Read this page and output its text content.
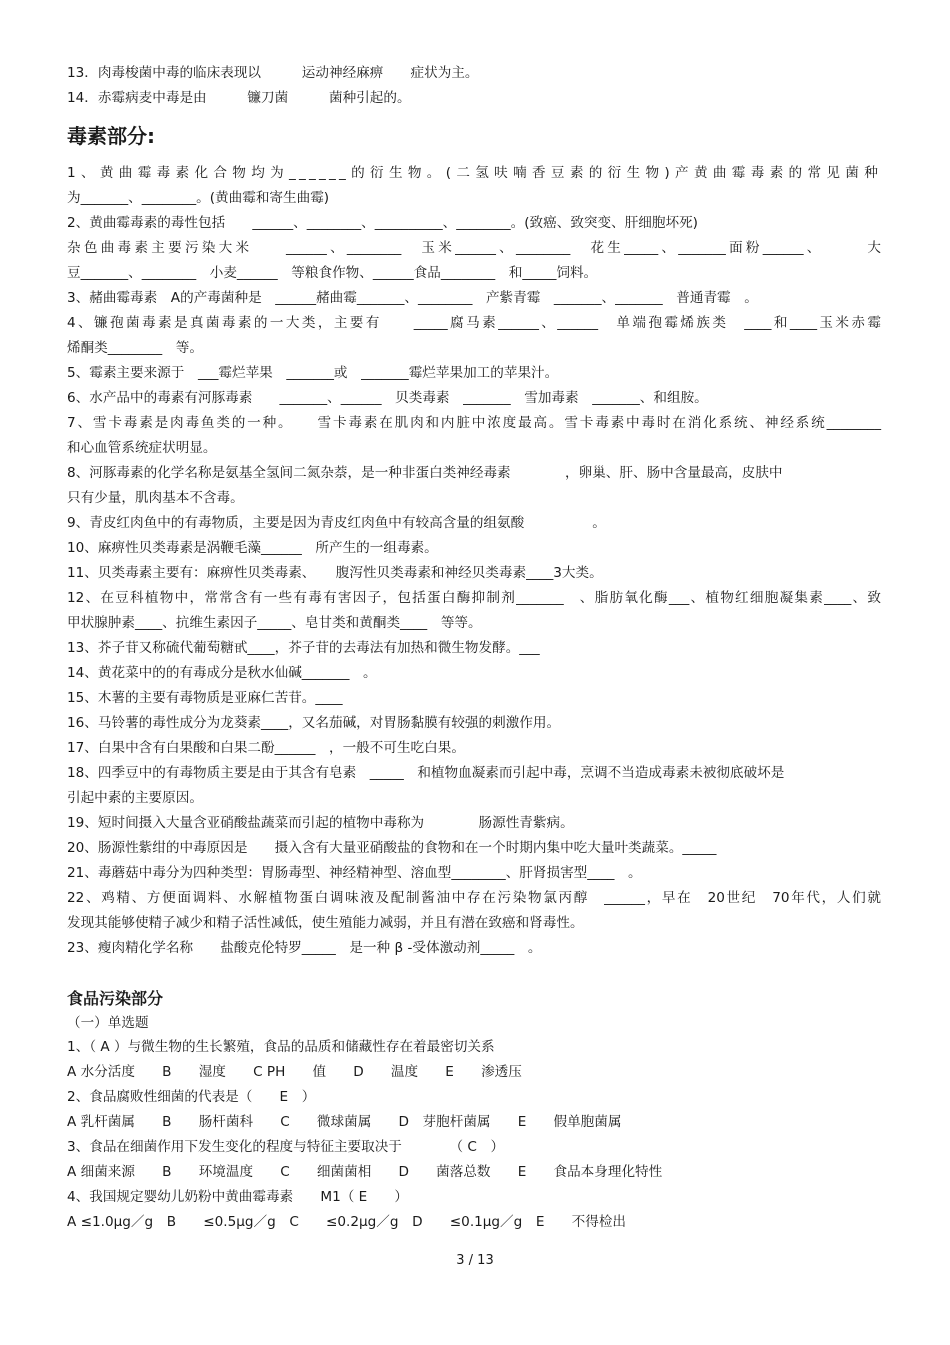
13．肉毒梭菌中毒的临床表现以　　　运动神经麻痹　　症状为主。

14．赤霉病麦中毒是由　　　镰刀菌　　　菌种引起的。

毒素部分:

1、黄曲霉毒素化合物均为______的衍生物。(二氢呋喃香豆素的衍生物)产黄曲霉毒素的常见菌种

为_______、________。(黄曲霉和寄生曲霉)

2、黄曲霉毒素的毒性包括　　______、________、__________、________。(致癌、致突变、肝细胞坏死)

杂色曲毒素主要污染大米　　______、________　玉米______、________　花生_____、_______面粉______、　　　大

豆_______、________　小麦______　等粮食作物、______食品________　和_____饲料。

3、赭曲霉毒素　A的产毒菌种是　______赭曲霉_______、________　产紫青霉　_______、_______　普通青霉　。

4、镰孢菌毒素是真菌毒素的一大类，主要有　　_____腐马素______、______　单端孢霉烯族类　____和____玉米赤霉

烯酮类________　等。

5、霉素主要来源于　___霉烂苹果　_______或　_______霉烂苹果加工的苹果汁。

6、水产品中的毒素有河豚毒素　　_______、______　贝类毒素　_______　雪加毒素　_______、和组胺。

7、雪卡毒素是肉毒鱼类的一种。　　雪卡毒素在肌肉和内脏中浓度最高。雪卡毒素中毒时在消化系统、神经系统________

和心血管系统症状明显。

8、河豚毒素的化学名称是氨基全氢间二氮杂萘，是一种非蛋白类神经毒素　　　　，卵巢、肝、肠中含量最高，皮肤中

只有少量，肌肉基本不含毒。

9、青皮红肉鱼中的有毒物质，主要是因为青皮红肉鱼中有较高含量的组氨酸　　　　　。

10、麻痹性贝类毒素是涡鞭毛藻______　所产生的一组毒素。

11、贝类毒素主要有：麻痹性贝类毒素、　　腹泻性贝类毒素和神经贝类毒素____3大类。

12、在豆科植物中，常常含有一些有毒有害因子，包括蛋白酶抑制剂_______　、脂肪氧化酶___、植物红细胞凝集素____、致

甲状腺肿素____、抗维生素因子_____、皂甘类和黄酮类____　等等。

13、芥子苷又称硫代葡萄糖甙____，芥子苷的去毒法有加热和微生物发酵。___

14、黄花菜中的的有毒成分是秋水仙碱_______　。

15、木薯的主要有毒物质是亚麻仁苦苷。____

16、马铃薯的毒性成分为龙葵素____，又名茄碱，对胃肠黏膜有较强的刺激作用。

17、白果中含有白果酸和白果二酚______　，一般不可生吃白果。

18、四季豆中的有毒物质主要是由于其含有皂素　_____　和植物血凝素而引起中毒，烹调不当造成毒素未被彻底破坏是

引起中素的主要原因。

19、短时间摄入大量含亚硝酸盐蔬菜而引起的植物中毒称为　　　　肠源性青紫病。

20、肠源性紫绀的中毒原因是　　摄入含有大量亚硝酸盐的食物和在一个时期内集中吃大量叶类蔬菜。_____

21、毒蘑菇中毒分为四种类型：胃肠毒型、神经精神型、溶血型________、肝肾损害型____　。

22、鸡精、方便面调料、水解植物蛋白调味液及配制酱油中存在污染物氯丙醇　______，早在　20世纪　70年代，人们就

发现其能够使精子减少和精子活性减低，使生殖能力减弱，并且有潜在致癌和肾毒性。

23、瘦肉精化学名称　　盐酸克伦特罗_____　是一种 β -受体激动剂_____　。

食品污染部分

（一）单选题

1、（ A ）与微生物的生长繁殖，食品的品质和储藏性存在着最密切关系

A 水分活度　　B　　湿度　　C PH　　值　　D　　温度　　E　　渗透压

2、食品腐败性细菌的代表是（　　E　）

A 乳杆菌属　　B　　肠杆菌科　　C　　微球菌属　　D　芽胞杆菌属　　E　　假单胞菌属

3、食品在细菌作用下发生变化的程度与特征主要取决于　　　　（ C　）

A 细菌来源　　B　　环境温度　　C　　细菌菌相　　D　　菌落总数　　E　　食品本身理化特性

4、我国规定婴幼儿奶粉中黄曲霉毒素　　M1（ E　　）

A ≤1.0μg／g　B　　≤0.5μg／g　C　　≤0.2μg／g　D　　≤0.1μg／g　E　　不得检出

3 / 13
